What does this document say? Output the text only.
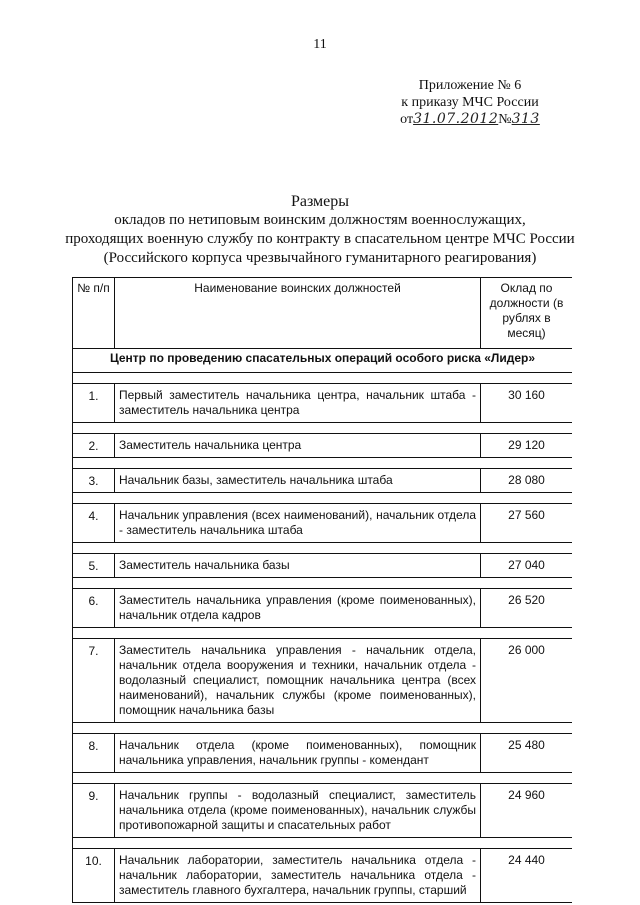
11
Приложение № 6
к приказу МЧС России
от31.07.2012№313
Размеры
окладов по нетиповым воинским должностям военнослужащих,
проходящих военную службу по контракту в спасательном центре МЧС России
(Российского корпуса чрезвычайного гуманитарного реагирования)
№ п/п	Наименование воинских должностей	Оклад по должности (в рублях в месяц)
Центр по проведению спасательных операций особого риска «Лидер»		

1.	Первый заместитель начальника центра, начальник штаба - заместитель начальника центра	30 160

2.	Заместитель начальника центра	29 120

3.	Начальник базы, заместитель начальника штаба	28 080

4.	Начальник управления (всех наименований), начальник отдела - заместитель начальника штаба	27 560

5.	Заместитель начальника базы	27 040

6.	Заместитель начальника управления (кроме поименованных), начальник отдела кадров	26 520

7.	Заместитель начальника управления - начальник отдела, начальник отдела вооружения и техники, начальник отдела - водолазный специалист, помощник начальника центра (всех наименований), начальник службы (кроме поименованных), помощник начальника базы	26 000

8.	Начальник отдела (кроме поименованных), помощник начальника управления, начальник группы - комендант	25 480

9.	Начальник группы - водолазный специалист, заместитель начальника отдела (кроме поименованных), начальник службы противопожарной защиты и спасательных работ	24 960

10.	Начальник лаборатории, заместитель начальника отдела - начальник лаборатории, заместитель начальника отдела - заместитель главного бухгалтера, начальник группы, старший	24 440
